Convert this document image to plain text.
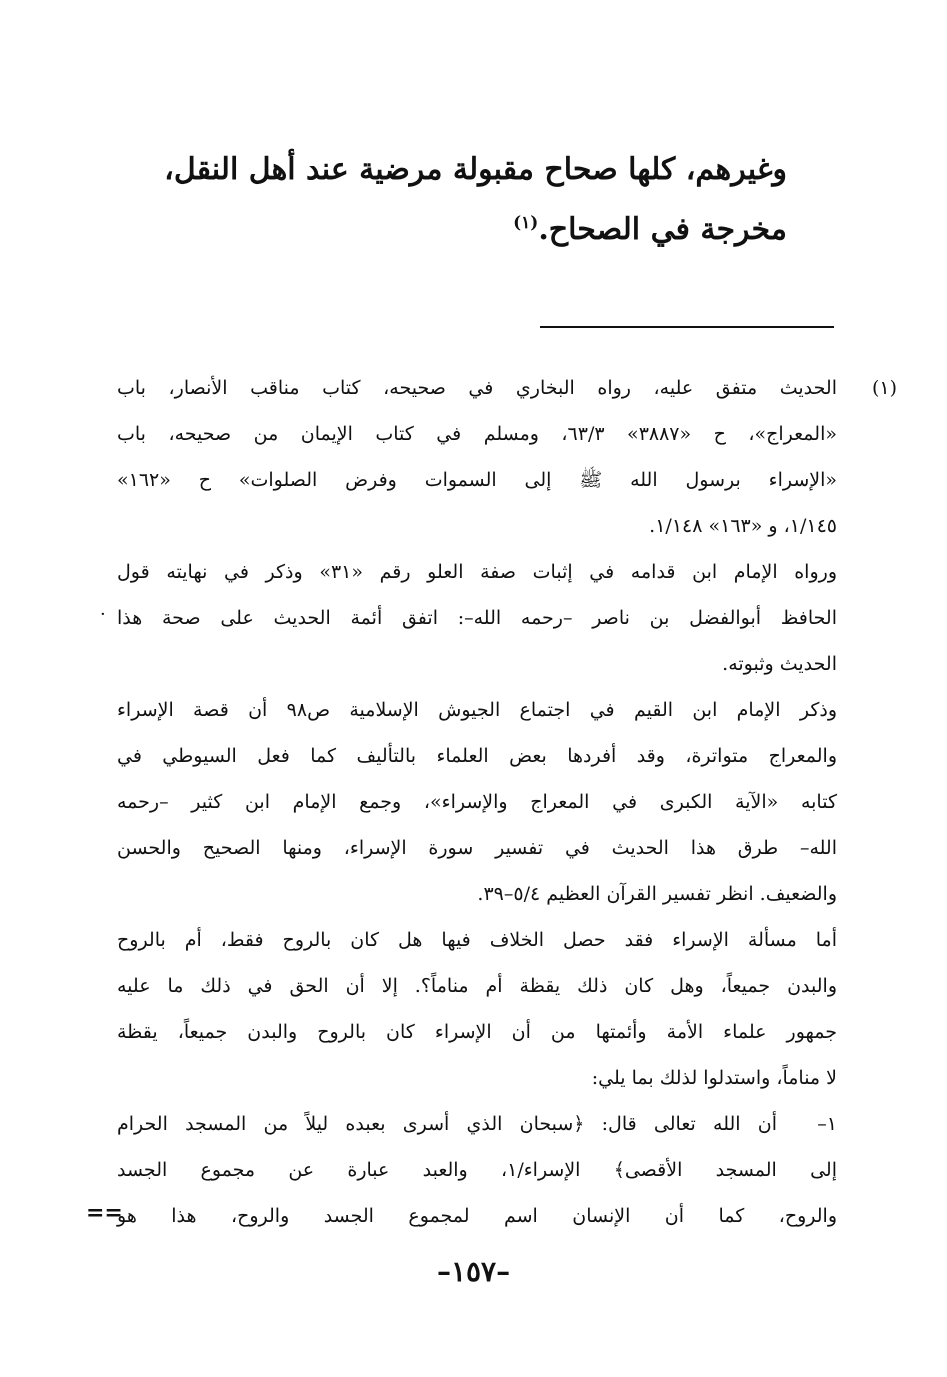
وغيرهم، كلها صحاح مقبولة مرضية عند أهل النقل،
مخرجة في الصحاح.$^{(١)}$
(١)
الحديث متفق عليه، رواه البخاري في صحيحه، كتاب مناقب الأنصار، باب
«المعراج»، ح «٣٨٨٧» ٦٣/٣، ومسلم في كتاب الإيمان من صحيحه، باب
«الإسراء برسول الله ﷺ إلى السموات وفرض الصلوات» ح «١٦٢»
١/١٤٥، و «١٦٣» ١/١٤٨.
ورواه الإمام ابن قدامه في إثبات صفة العلو رقم «٣١» وذكر في نهايته قول
الحافظ أبوالفضل بن ناصر –رحمه الله–: اتفق أئمة الحديث على صحة هذا
الحديث وثبوته.
وذكر الإمام ابن القيم في اجتماع الجيوش الإسلامية ص٩٨ أن قصة الإسراء
والمعراج متواترة، وقد أفردها بعض العلماء بالتأليف كما فعل السيوطي في
كتابه «الآية الكبرى في المعراج والإسراء»، وجمع الإمام ابن كثير –رحمه
الله– طرق هذا الحديث في تفسير سورة الإسراء، ومنها الصحيح والحسن
والضعيف. انظر تفسير القرآن العظيم ٥/٤–٣٩.
أما مسألة الإسراء فقد حصل الخلاف فيها هل كان بالروح فقط، أم بالروح
والبدن جميعاً، وهل كان ذلك يقظة أم مناماً؟. إلا أن الحق في ذلك ما عليه
جمهور علماء الأمة وأئمتها من أن الإسراء كان بالروح والبدن جميعاً، يقظة
لا مناماً، واستدلوا لذلك بما يلي:
١–
أن الله تعالى قال: ﴿سبحان الذي أسرى بعبده ليلاً من المسجد الحرام
إلى المسجد الأقصى﴾ الإسراء/١، والعبد عبارة عن مجموع الجسد
والروح، كما أن الإنسان اسم لمجموع الجسد والروح، هذا هو
·
==
–١٥٧–
